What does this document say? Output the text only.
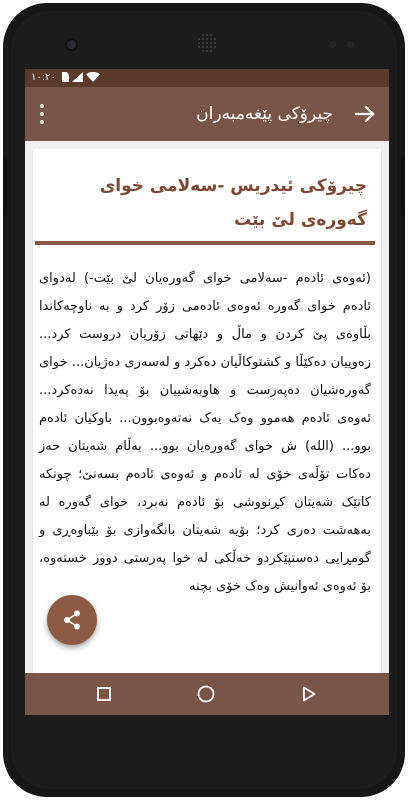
١٠:٢٠
چیرۆکی پێغەمبەران
چیرۆکی ئیدریس -سەلامی خوای گەورەی لێ بێت
(ئەوەی ئادەم -سەلامی خوای گەورەیان لێ بێت-) لەدوای ئادەم خوای گەورە ئەوەی ئادەمی زۆر کرد و بە ناوچەکاندا بڵاوەی پێ کردن و ماڵ و دێهاتی زۆریان دروست کرد... زەوییان دەکێڵا و کشتوکاڵیان دەکرد و لەسەری دەژیان... خوای گەورەشیان دەپەرست و هاوبەشییان بۆ پەیدا نەدەکرد... ئەوەی ئادەم هەموو وەک یەک نەتەوەبوون... باوکیان ئادەم بوو... (الله) ش خوای گەورەیان بوو... بەڵام شەیتان حەز دەکات تۆڵەی خۆی لە ئادەم و ئەوەی ئادەم بسەنێ؛ چونکە کاتێک شەیتان کڕنووشی بۆ ئادەم نەبرد، خوای گەورە لە بەهەشت دەری کرد؛ بۆیە شەیتان بانگەوازی بۆ بێباوەڕی و گومڕایی دەستپێکردو خەڵکی لە خوا پەرستی دوور خستەوە، بۆ ئەوەی ئەوانیش وەک خۆی بچنە
